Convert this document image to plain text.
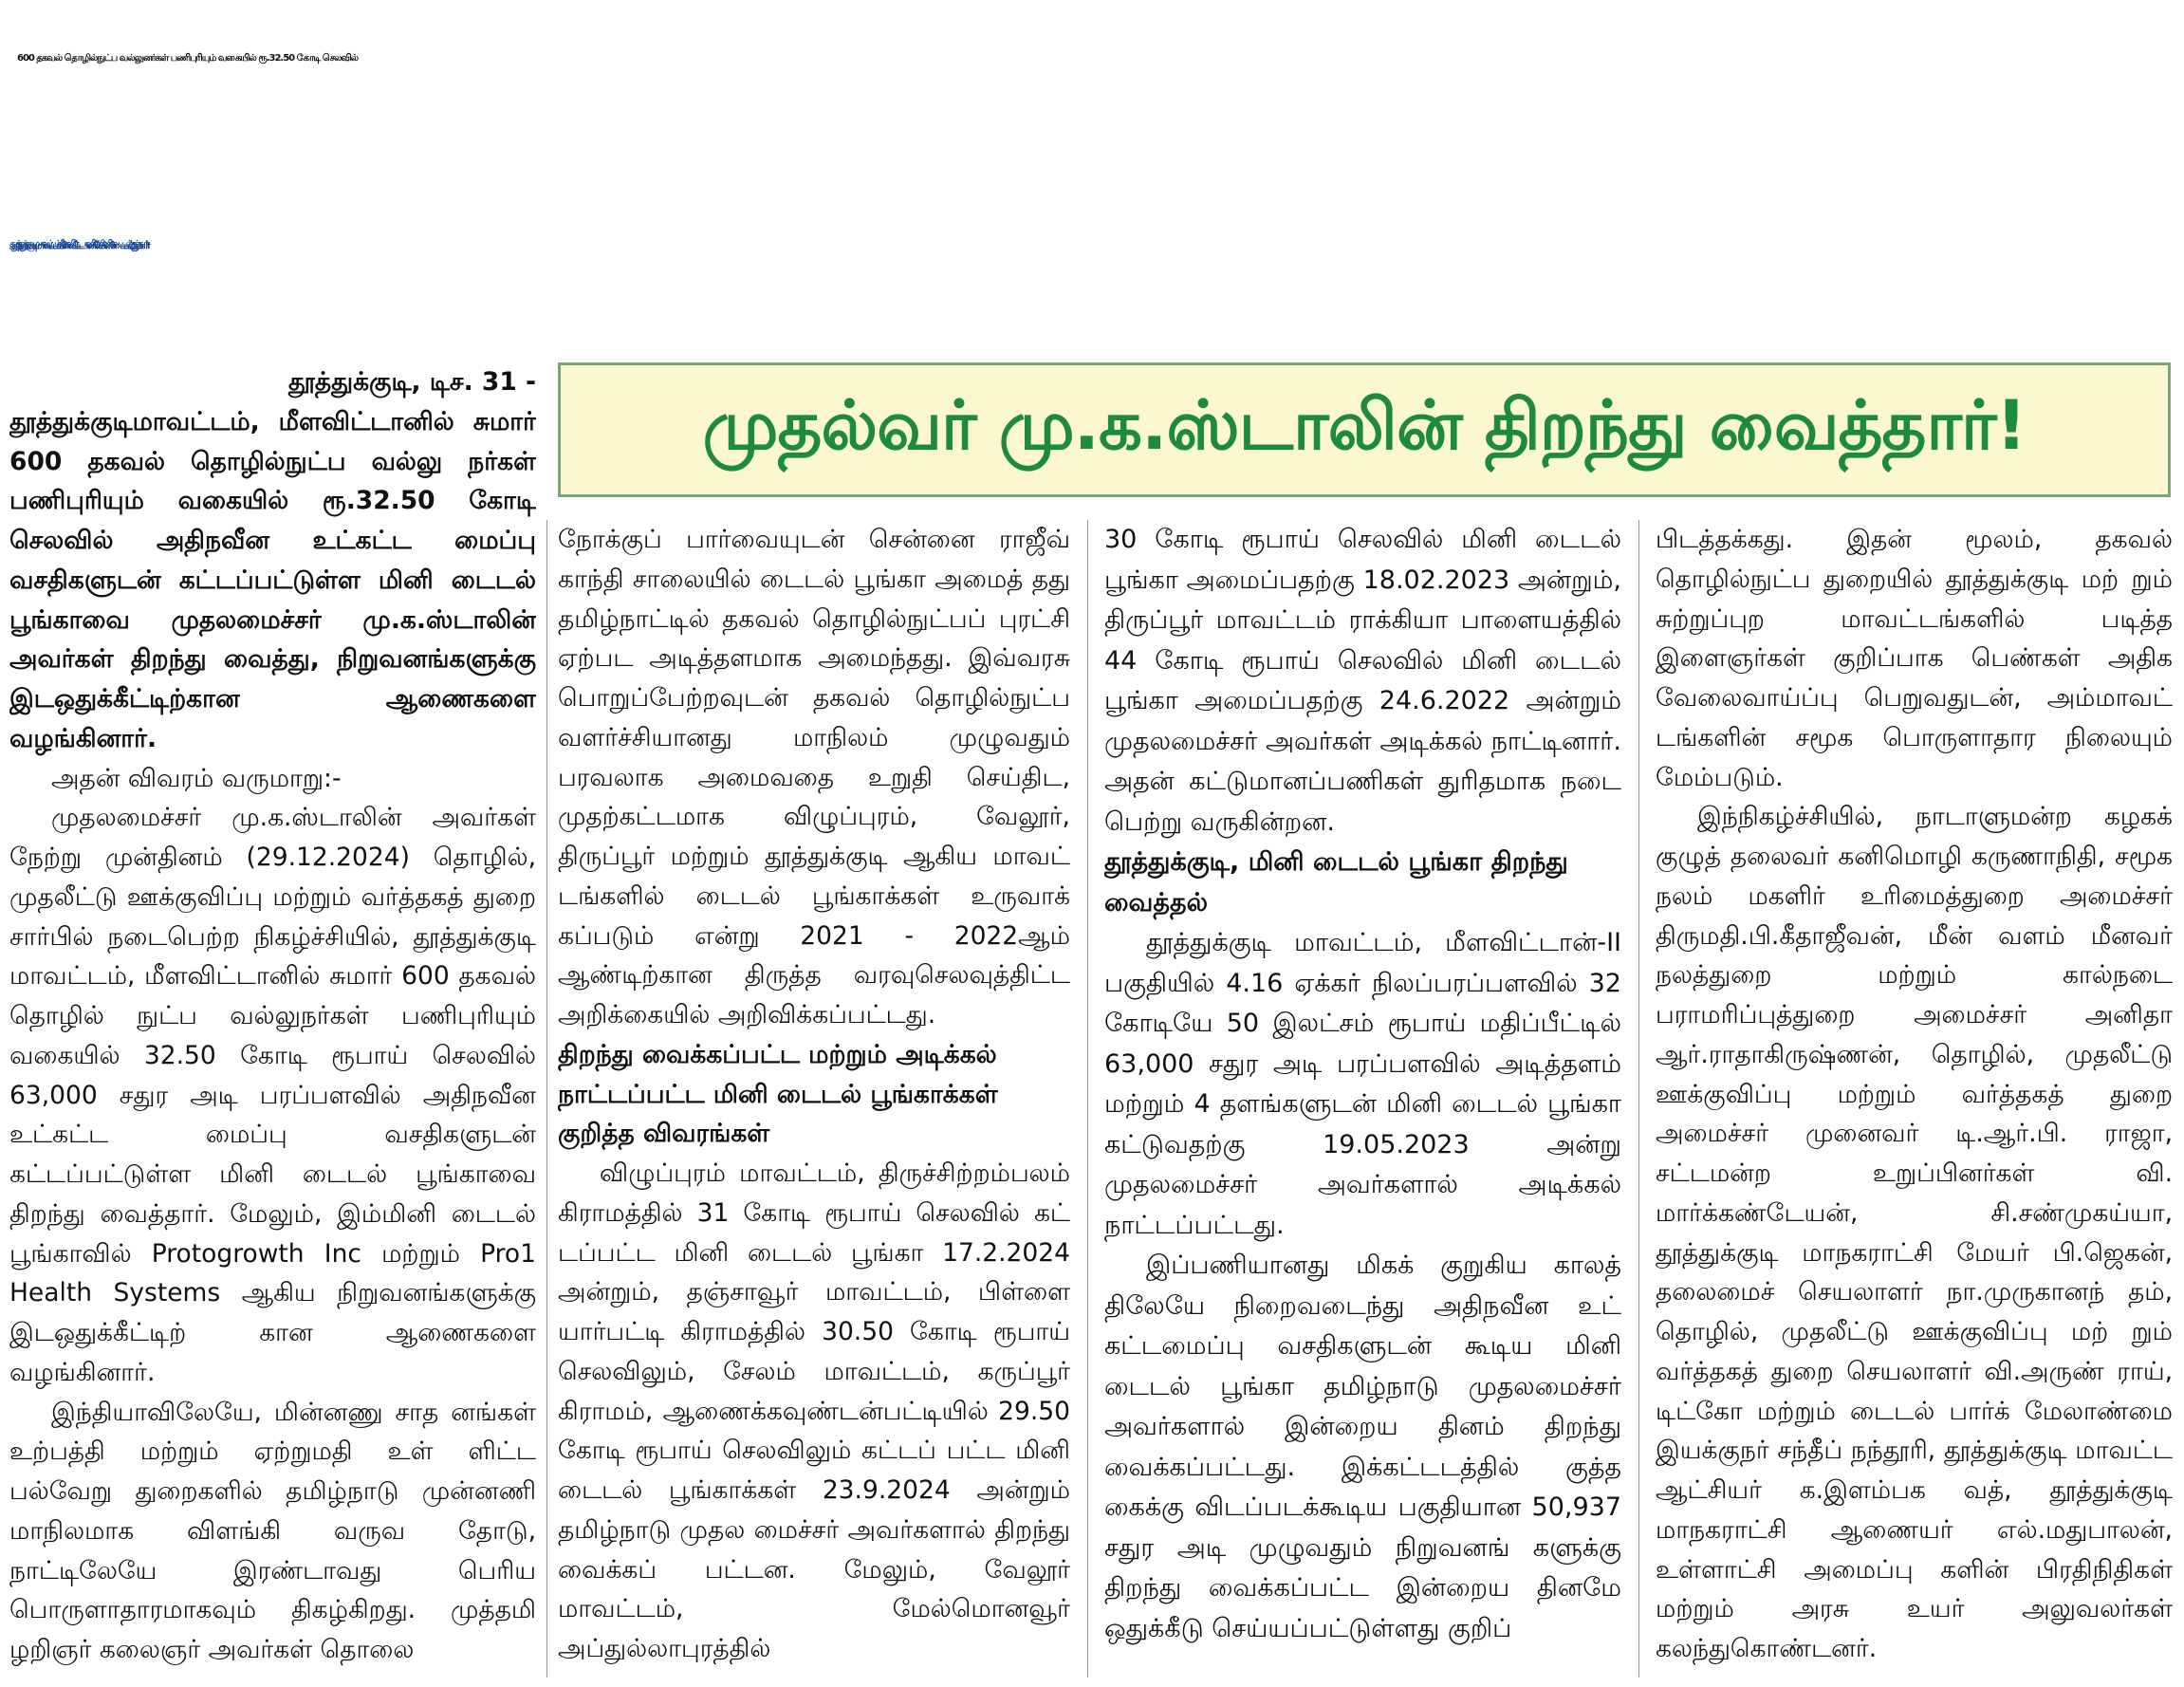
600 தகவல் தொழில்நுட்ப வல்லுனர்கள் பணிபுரியும் வகையில் ரூ.32.50 கோடி செலவில்
தூத்துக்குடி மாவட்டம் - மீளவிட்டானில் ‘மினி டைடல்’ பூங்கா!
முதல்வர் மு.க.ஸ்டாலின் திறந்து வைத்தார்!

தூத்துக்குடி, டிச. 31 -

தூத்துக்குடிமாவட்டம், மீளவிட்டானில் சுமார் 600 தகவல் தொழில்நுட்ப வல்லு நர்கள் பணிபுரியும் வகையில் ரூ.32.50 கோடி செலவில் அதிநவீன உட்கட்ட மைப்பு வசதிகளுடன் கட்டப்பட்டுள்ள மினி டைடல் பூங்காவை முதலமைச்சர் மு.க.ஸ்டாலின் அவர்கள் திறந்து வைத்து, நிறுவனங்களுக்கு இடஒதுக்கீட்டிற்கான ஆணைகளை வழங்கினார்.

அதன் விவரம் வருமாறு:-

முதலமைச்சர் மு.க.ஸ்டாலின் அவர்கள் நேற்று முன்தினம் (29.12.2024) தொழில், முதலீட்டு ஊக்குவிப்பு மற்றும் வர்த்தகத் துறை சார்பில் நடைபெற்ற நிகழ்ச்சியில், தூத்துக்குடி மாவட்டம், மீளவிட்டானில் சுமார் 600 தகவல் தொழில் நுட்ப வல்லுநர்கள் பணிபுரியும் வகையில் 32.50 கோடி ரூபாய் செலவில் 63,000 சதுர அடி பரப்பளவில் அதிநவீன உட்கட்ட மைப்பு வசதிகளுடன் கட்டப்பட்டுள்ள மினி டைடல் பூங்காவை திறந்து வைத்தார். மேலும், இம்மினி டைடல் பூங்காவில் Protogrowth Inc மற்றும் Pro1 Health Systems ஆகிய நிறுவனங்களுக்கு இடஒதுக்கீட்டிற் கான ஆணைகளை வழங்கினார்.

இந்தியாவிலேயே, மின்னணு சாத னங்கள் உற்பத்தி மற்றும் ஏற்றுமதி உள் ளிட்ட பல்வேறு துறைகளில் தமிழ்நாடு முன்னணி மாநிலமாக விளங்கி வருவ தோடு, நாட்டிலேயே இரண்டாவது பெரிய பொருளாதாரமாகவும் திகழ்கிறது. முத்தமி ழறிஞர் கலைஞர் அவர்கள் தொலை

நோக்குப் பார்வையுடன் சென்னை ராஜீவ் காந்தி சாலையில் டைடல் பூங்கா அமைத் தது தமிழ்நாட்டில் தகவல் தொழில்நுட்பப் புரட்சி ஏற்பட அடித்தளமாக அமைந்தது. இவ்வரசு பொறுப்பேற்றவுடன் தகவல் தொழில்நுட்ப வளர்ச்சியானது மாநிலம் முழுவதும் பரவலாக அமைவதை உறுதி செய்திட, முதற்கட்டமாக விழுப்புரம், வேலூர், திருப்பூர் மற்றும் தூத்துக்குடி ஆகிய மாவட் டங்களில் டைடல் பூங்காக்கள் உருவாக் கப்படும் என்று 2021 - 2022ஆம் ஆண்டிற்கான திருத்த வரவுசெலவுத்திட்ட அறிக்கையில் அறிவிக்கப்பட்டது.

திறந்து வைக்கப்பட்ட மற்றும் அடிக்கல் நாட்டப்பட்ட மினி டைடல் பூங்காக்கள் குறித்த விவரங்கள்

விழுப்புரம் மாவட்டம், திருச்சிற்றம்பலம் கிராமத்தில் 31 கோடி ரூபாய் செலவில் கட் டப்பட்ட மினி டைடல் பூங்கா 17.2.2024 அன்றும், தஞ்சாவூர் மாவட்டம், பிள்ளை யார்பட்டி கிராமத்தில் 30.50 கோடி ரூபாய் செலவிலும், சேலம் மாவட்டம், கருப்பூர் கிராமம், ஆணைக்கவுண்டன்பட்டியில் 29.50 கோடி ரூபாய் செலவிலும் கட்டப் பட்ட மினி டைடல் பூங்காக்கள் 23.9.2024 அன்றும் தமிழ்நாடு முதல மைச்சர் அவர்களால் திறந்து வைக்கப் பட்டன. மேலும், வேலூர் மாவட்டம், மேல்மொனவூர் அப்துல்லாபுரத்தில்

30 கோடி ரூபாய் செலவில் மினி டைடல் பூங்கா அமைப்பதற்கு 18.02.2023 அன்றும், திருப்பூர் மாவட்டம் ராக்கியா பாளையத்தில் 44 கோடி ரூபாய் செலவில் மினி டைடல் பூங்கா அமைப்பதற்கு 24.6.2022 அன்றும் முதலமைச்சர் அவர்கள் அடிக்கல் நாட்டினார். அதன் கட்டுமானப்பணிகள் துரிதமாக நடை பெற்று வருகின்றன.

தூத்துக்குடி, மினி டைடல் பூங்கா திறந்து வைத்தல்

தூத்துக்குடி மாவட்டம், மீளவிட்டான்-II பகுதியில் 4.16 ஏக்கர் நிலப்பரப்பளவில் 32 கோடியே 50 இலட்சம் ரூபாய் மதிப்பீட்டில் 63,000 சதுர அடி பரப்பளவில் அடித்தளம் மற்றும் 4 தளங்களுடன் மினி டைடல் பூங்கா கட்டுவதற்கு 19.05.2023 அன்று முதலமைச்சர் அவர்களால் அடிக்கல் நாட்டப்பட்டது.

இப்பணியானது மிகக் குறுகிய காலத் திலேயே நிறைவடைந்து அதிநவீன உட் கட்டமைப்பு வசதிகளுடன் கூடிய மினி டைடல் பூங்கா தமிழ்நாடு முதலமைச்சர் அவர்களால் இன்றைய தினம் திறந்து வைக்கப்பட்டது. இக்கட்டடத்தில் குத்த கைக்கு விடப்படக்கூடிய பகுதியான 50,937 சதுர அடி முழுவதும் நிறுவனங் களுக்கு திறந்து வைக்கப்பட்ட இன்றைய தினமே ஒதுக்கீடு செய்யப்பட்டுள்ளது குறிப்

பிடத்தக்கது. இதன் மூலம், தகவல் தொழில்நுட்ப துறையில் தூத்துக்குடி மற் றும் சுற்றுப்புற மாவட்டங்களில் படித்த இளைஞர்கள் குறிப்பாக பெண்கள் அதிக வேலைவாய்ப்பு பெறுவதுடன், அம்மாவட் டங்களின் சமூக பொருளாதார நிலையும் மேம்படும்.

இந்நிகழ்ச்சியில், நாடாளுமன்ற கழகக் குழுத் தலைவர் கனிமொழி கருணாநிதி, சமூக நலம் மகளிர் உரிமைத்துறை அமைச்சர் திருமதி.பி.கீதாஜீவன், மீன் வளம் மீனவர் நலத்துறை மற்றும் கால்நடை பராமரிப்புத்துறை அமைச்சர் அனிதா ஆர்.ராதாகிருஷ்ணன், தொழில், முதலீட்டு ஊக்குவிப்பு மற்றும் வர்த்தகத் துறை அமைச்சர் முனைவர் டி.ஆர்.பி. ராஜா, சட்டமன்ற உறுப்பினர்கள் வி. மார்க்கண்டேயன், சி.சண்முகய்யா, தூத்துக்குடி மாநகராட்சி மேயர் பி.ஜெகன், தலைமைச் செயலாளர் நா.முருகானந் தம், தொழில், முதலீட்டு ஊக்குவிப்பு மற் றும் வர்த்தகத் துறை செயலாளர் வி.அருண் ராய், டிட்கோ மற்றும் டைடல் பார்க் மேலாண்மை இயக்குநர் சந்தீப் நந்தூரி, தூத்துக்குடி மாவட்ட ஆட்சியர் க.இளம்பக வத், தூத்துக்குடி மாநகராட்சி ஆணையர் எல்.மதுபாலன், உள்ளாட்சி அமைப்பு களின் பிரதிநிதிகள் மற்றும் அரசு உயர் அலுவலர்கள் கலந்துகொண்டனர்.
